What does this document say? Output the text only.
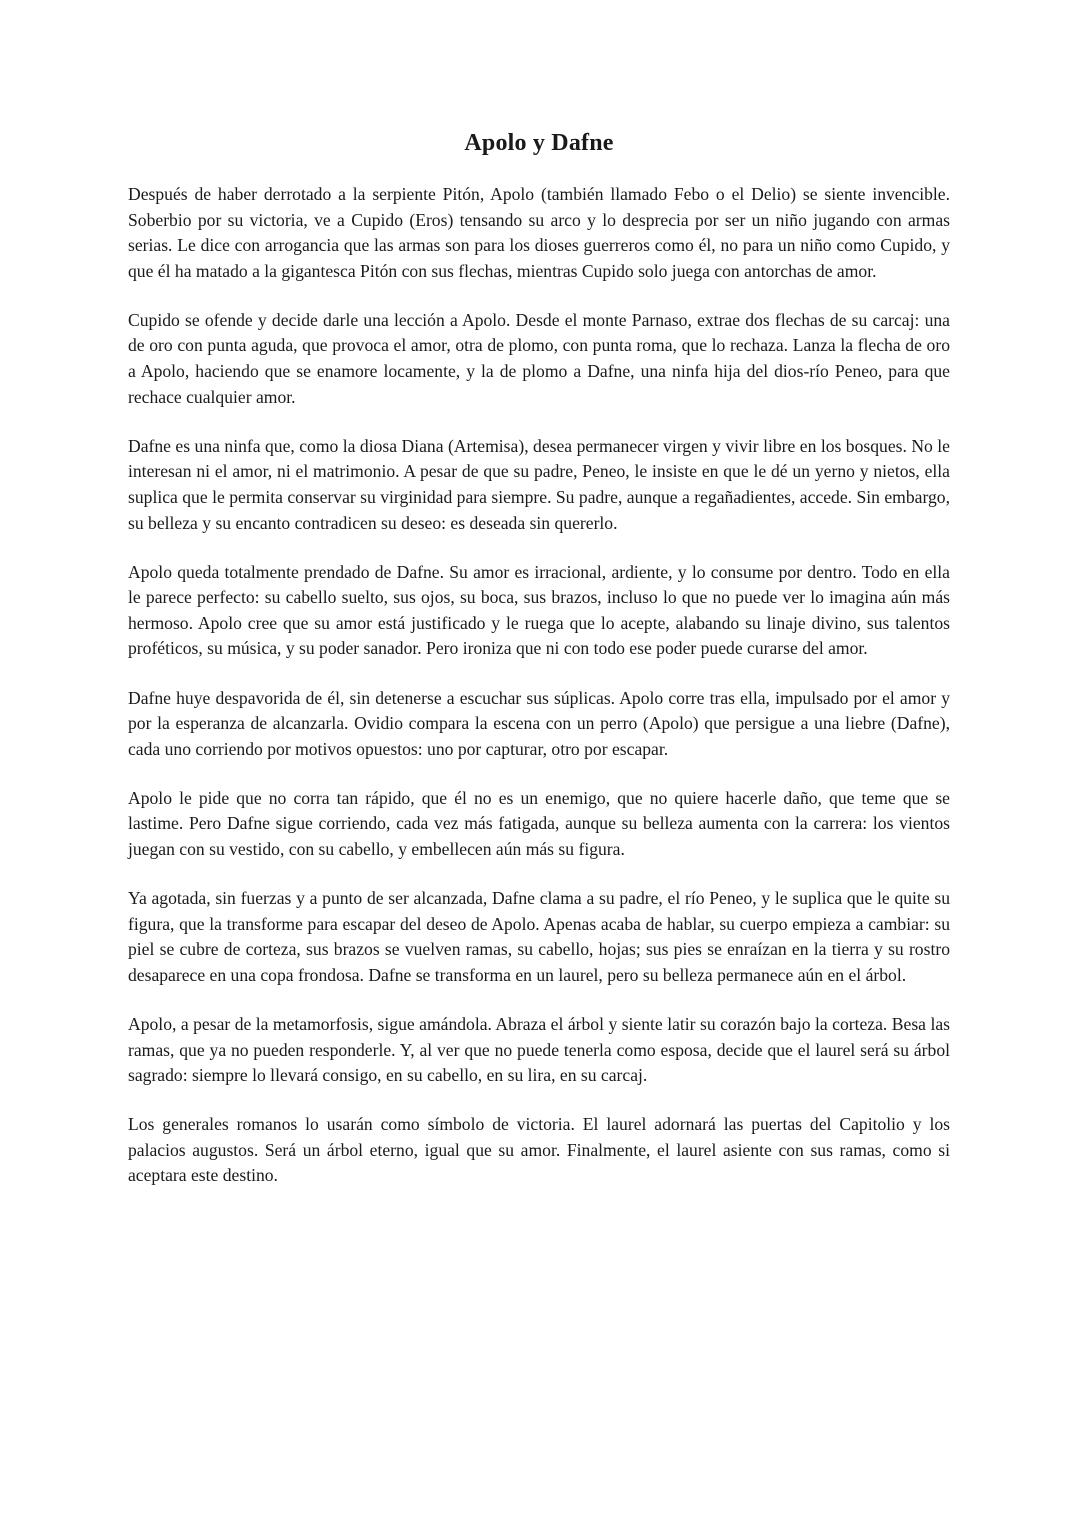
Apolo y Dafne

Después de haber derrotado a la serpiente Pitón, Apolo (también llamado Febo o el Delio) se siente invencible. Soberbio por su victoria, ve a Cupido (Eros) tensando su arco y lo desprecia por ser un niño jugando con armas serias. Le dice con arrogancia que las armas son para los dioses guerreros como él, no para un niño como Cupido, y que él ha matado a la gigantesca Pitón con sus flechas, mientras Cupido solo juega con antorchas de amor.

Cupido se ofende y decide darle una lección a Apolo. Desde el monte Parnaso, extrae dos flechas de su carcaj: una de oro con punta aguda, que provoca el amor, otra de plomo, con punta roma, que lo rechaza. Lanza la flecha de oro a Apolo, haciendo que se enamore locamente, y la de plomo a Dafne, una ninfa hija del dios-río Peneo, para que rechace cualquier amor.

Dafne es una ninfa que, como la diosa Diana (Artemisa), desea permanecer virgen y vivir libre en los bosques. No le interesan ni el amor, ni el matrimonio. A pesar de que su padre, Peneo, le insiste en que le dé un yerno y nietos, ella suplica que le permita conservar su virginidad para siempre. Su padre, aunque a regañadientes, accede. Sin embargo, su belleza y su encanto contradicen su deseo: es deseada sin quererlo.

Apolo queda totalmente prendado de Dafne. Su amor es irracional, ardiente, y lo consume por dentro. Todo en ella le parece perfecto: su cabello suelto, sus ojos, su boca, sus brazos, incluso lo que no puede ver lo imagina aún más hermoso. Apolo cree que su amor está justificado y le ruega que lo acepte, alabando su linaje divino, sus talentos proféticos, su música, y su poder sanador. Pero ironiza que ni con todo ese poder puede curarse del amor.

Dafne huye despavorida de él, sin detenerse a escuchar sus súplicas. Apolo corre tras ella, impulsado por el amor y por la esperanza de alcanzarla. Ovidio compara la escena con un perro (Apolo) que persigue a una liebre (Dafne), cada uno corriendo por motivos opuestos: uno por capturar, otro por escapar.

Apolo le pide que no corra tan rápido, que él no es un enemigo, que no quiere hacerle daño, que teme que se lastime. Pero Dafne sigue corriendo, cada vez más fatigada, aunque su belleza aumenta con la carrera: los vientos juegan con su vestido, con su cabello, y embellecen aún más su figura.

Ya agotada, sin fuerzas y a punto de ser alcanzada, Dafne clama a su padre, el río Peneo, y le suplica que le quite su figura, que la transforme para escapar del deseo de Apolo. Apenas acaba de hablar, su cuerpo empieza a cambiar: su piel se cubre de corteza, sus brazos se vuelven ramas, su cabello, hojas; sus pies se enraízan en la tierra y su rostro desaparece en una copa frondosa. Dafne se transforma en un laurel, pero su belleza permanece aún en el árbol.

Apolo, a pesar de la metamorfosis, sigue amándola. Abraza el árbol y siente latir su corazón bajo la corteza. Besa las ramas, que ya no pueden responderle. Y, al ver que no puede tenerla como esposa, decide que el laurel será su árbol sagrado: siempre lo llevará consigo, en su cabello, en su lira, en su carcaj.

Los generales romanos lo usarán como símbolo de victoria. El laurel adornará las puertas del Capitolio y los palacios augustos. Será un árbol eterno, igual que su amor. Finalmente, el laurel asiente con sus ramas, como si aceptara este destino.
